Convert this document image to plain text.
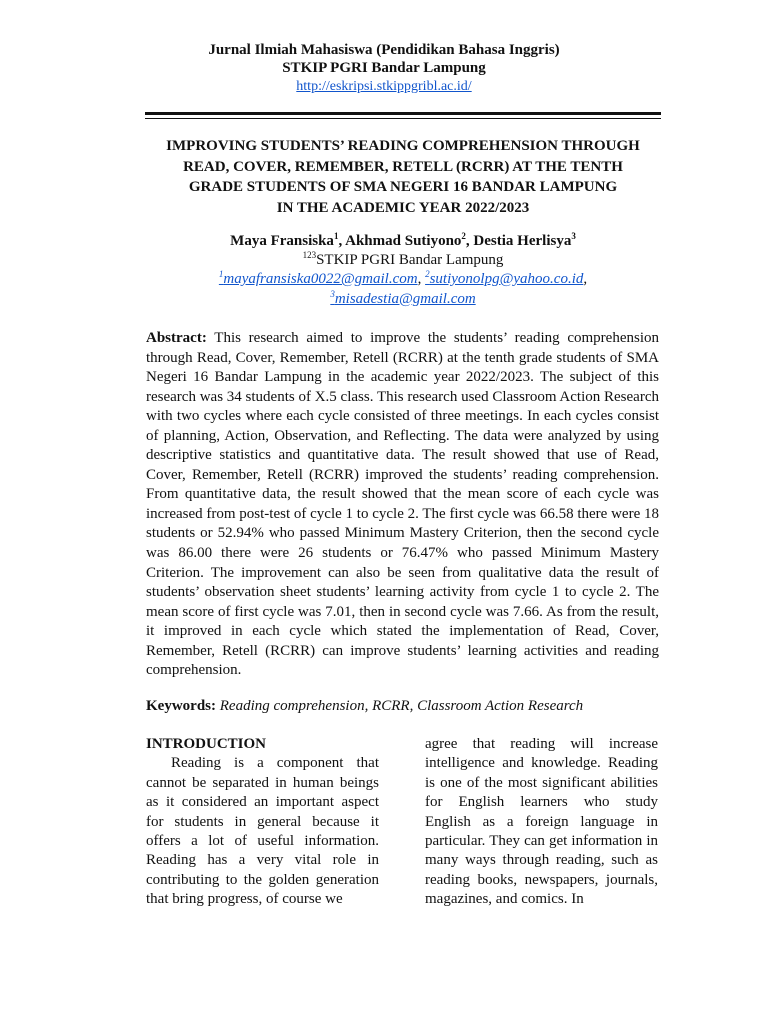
Jurnal Ilmiah Mahasiswa (Pendidikan Bahasa Inggris)
STKIP PGRI Bandar Lampung
http://eskripsi.stkippgribl.ac.id/
IMPROVING STUDENTS’ READING COMPREHENSION THROUGH
READ, COVER, REMEMBER, RETELL (RCRR) AT THE TENTH
GRADE STUDENTS OF SMA NEGERI 16 BANDAR LAMPUNG
IN THE ACADEMIC YEAR 2022/2023
Maya Fransiska$^1$, Akhmad Sutiyono$^2$, Destia Herlisya$^3$
$^{123}$STKIP PGRI Bandar Lampung
$^1$mayafransiska0022@gmail.com, $^2$sutiyonolpg@yahoo.co.id,
$^3$misadestia@gmail.com
Abstract: This research aimed to improve the students’ reading comprehension through Read, Cover, Remember, Retell (RCRR) at the tenth grade students of SMA Negeri 16 Bandar Lampung in the academic year 2022/2023. The subject of this research was 34 students of X.5 class. This research used Classroom Action Research with two cycles where each cycle consisted of three meetings. In each cycles consist of planning, Action, Observation, and Reflecting. The data were analyzed by using descriptive statistics and quantitative data. The result showed that use of Read, Cover, Remember, Retell (RCRR) improved the students’ reading comprehension. From quantitative data, the result showed that the mean score of each cycle was increased from post-test of cycle 1 to cycle 2. The first cycle was 66.58 there were 18 students or 52.94% who passed Minimum Mastery Criterion, then the second cycle was 86.00 there were 26 students or 76.47% who passed Minimum Mastery Criterion. The improvement can also be seen from qualitative data the result of students’ observation sheet students’ learning activity from cycle 1 to cycle 2. The mean score of first cycle was 7.01, then in second cycle was 7.66. As from the result, it improved in each cycle which stated the implementation of Read, Cover, Remember, Retell (RCRR) can improve students’ learning activities and reading comprehension.
Keywords: Reading comprehension, RCRR, Classroom Action Research
INTRODUCTION

Reading is a component that cannot be separated in human beings as it considered an important aspect for students in general because it offers a lot of useful information. Reading has a very vital role in contributing to the golden generation that bring progress, of course we

agree that reading will increase intelligence and knowledge. Reading is one of the most significant abilities for English learners who study English as a foreign language in particular. They can get information in many ways through reading, such as reading books, newspapers, journals, magazines, and comics. In
